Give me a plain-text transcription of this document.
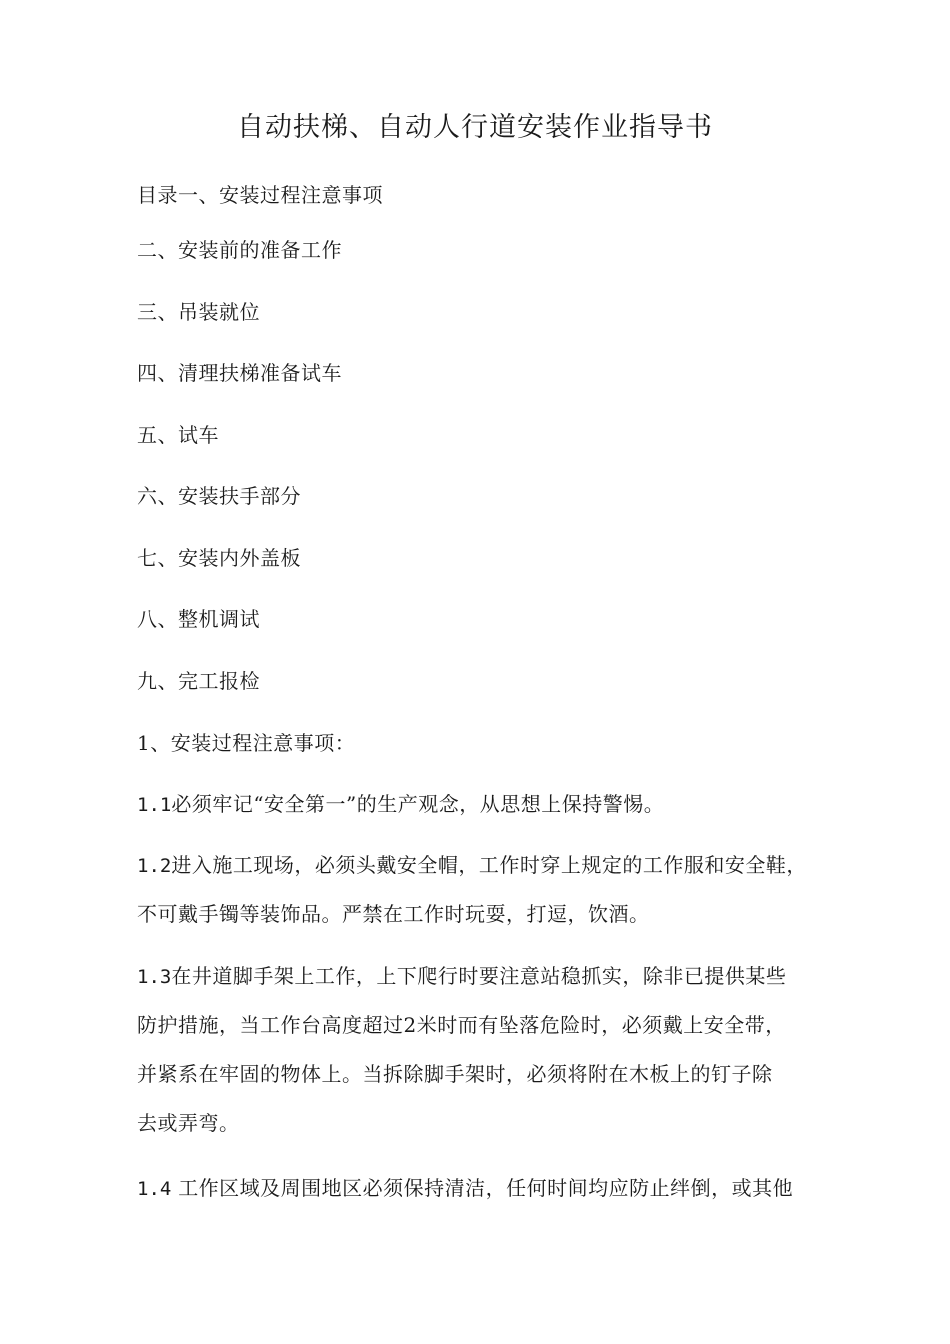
自动扶梯、自动人行道安装作业指导书
目录一、安装过程注意事项
二、安装前的准备工作
三、吊装就位
四、清理扶梯准备试车
五、试车
六、安装扶手部分
七、安装内外盖板
八、整机调试
九、完工报检
1、安装过程注意事项：
1.1必须牢记“安全第一”的生产观念，从思想上保持警惕。
1.2进入施工现场，必须头戴安全帽，工作时穿上规定的工作服和安全鞋，
不可戴手镯等装饰品。严禁在工作时玩耍，打逗，饮酒。
1.3在井道脚手架上工作，上下爬行时要注意站稳抓实，除非已提供某些
防护措施，当工作台高度超过2米时而有坠落危险时，必须戴上安全带，
并紧系在牢固的物体上。当拆除脚手架时，必须将附在木板上的钉子除
去或弄弯。
1.4 工作区域及周围地区必须保持清洁，任何时间均应防止绊倒，或其他
